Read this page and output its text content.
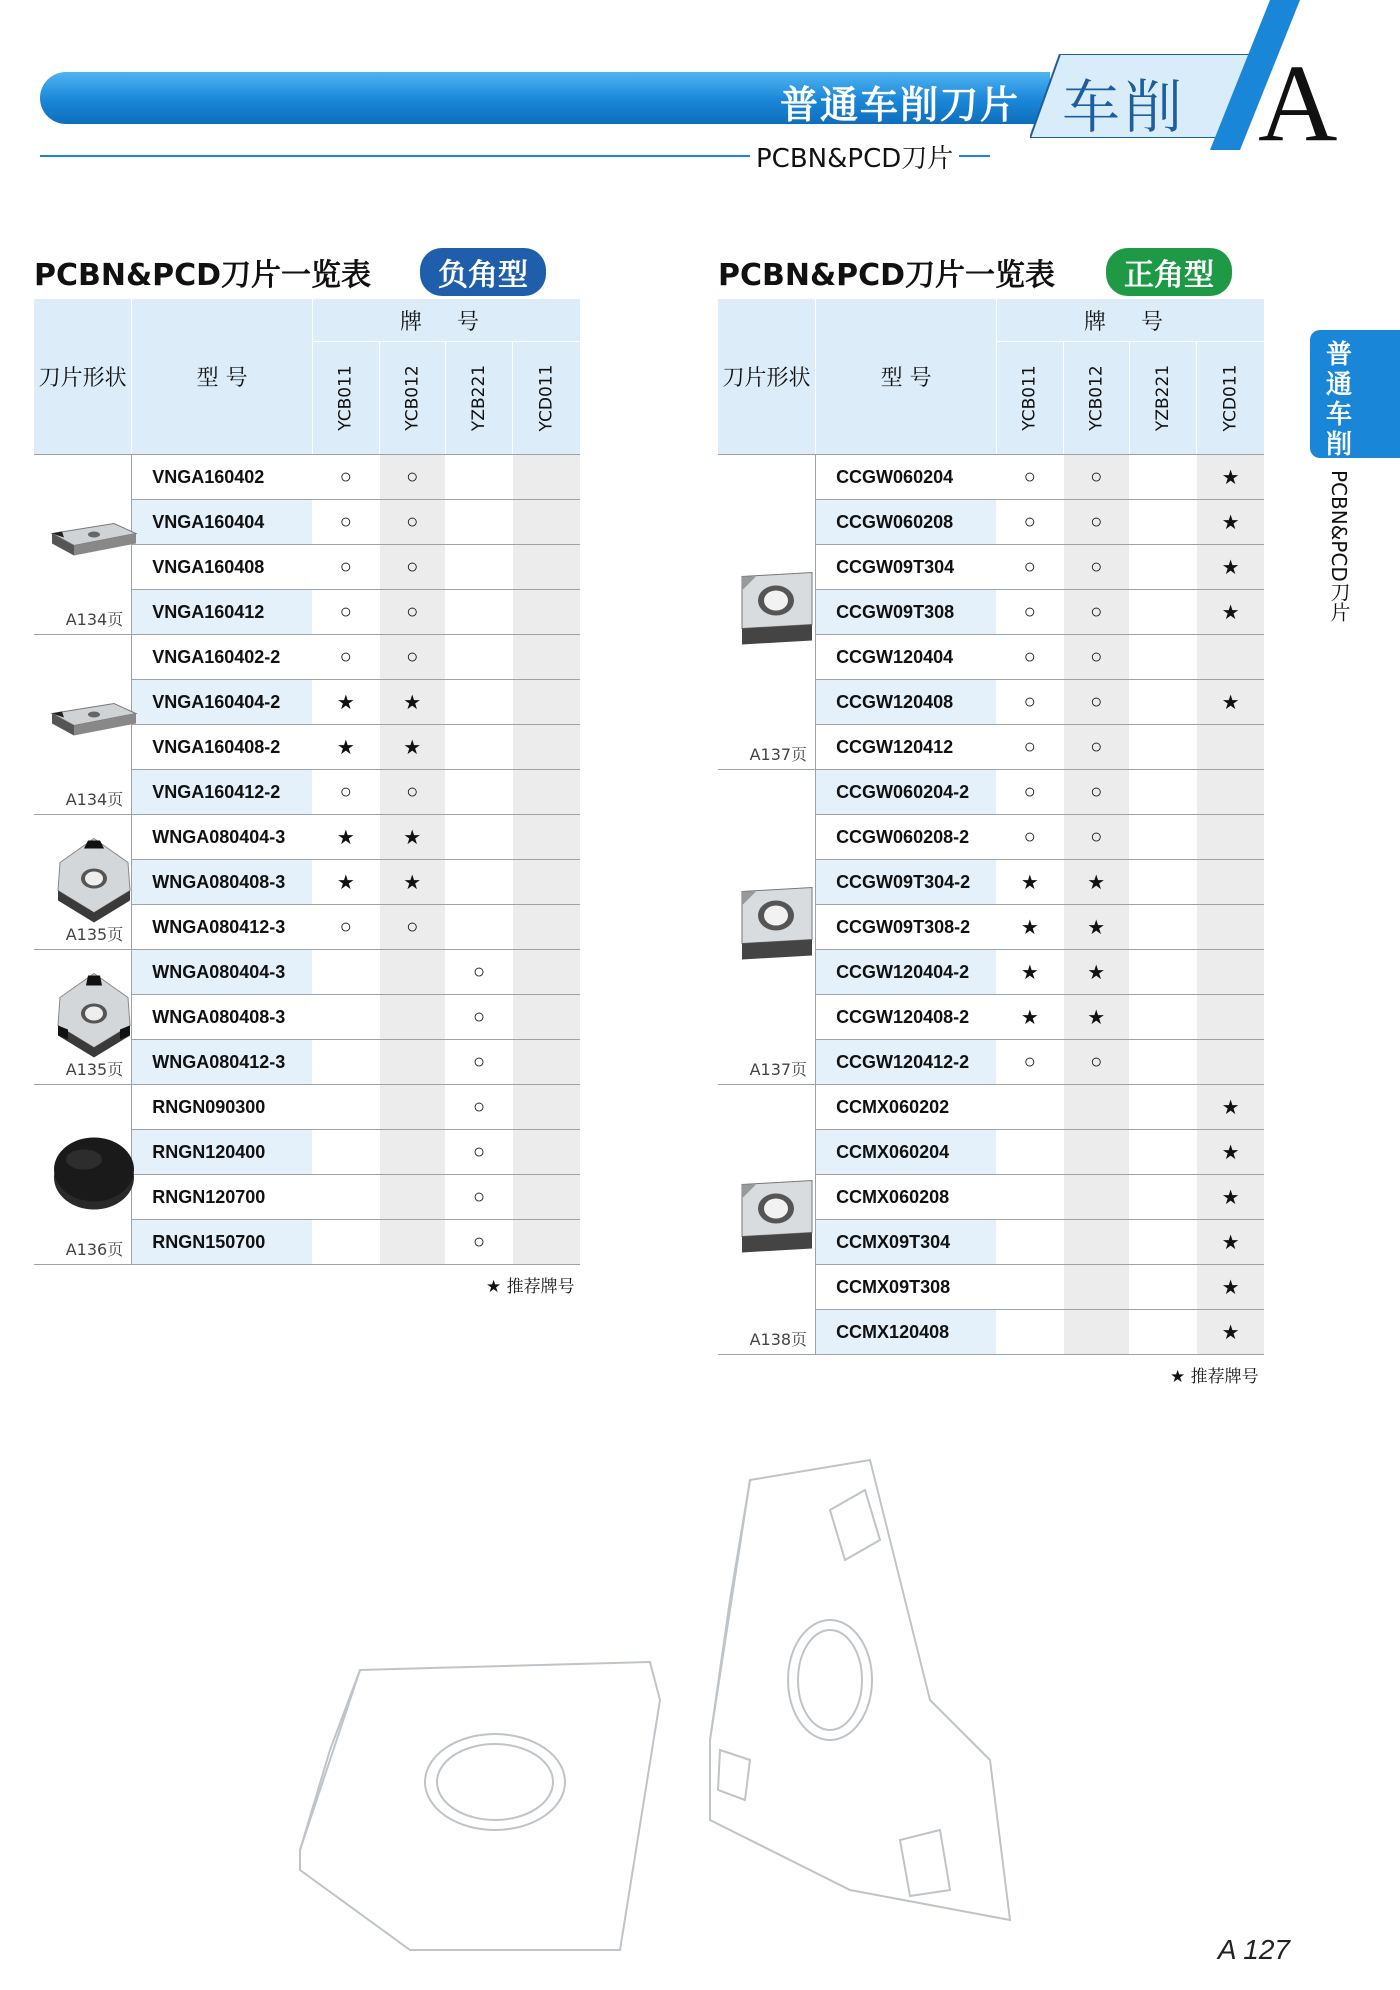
普通车削刀片 车削 A
PCBN&PCD刀片
普通车削
PCBN&PCD刀片
PCBN&PCD刀片一览表	负角型	PCBN&PCD刀片一览表	正角型
刀片形状	型 号	牌 号			
		YCB011	YCB012	YZB221	YCD011

A134页	VNGA160402	○	○		
	VNGA160404	○	○		
	VNGA160408	○	○		
	VNGA160412	○	○		

A134页	VNGA160402-2	○	○		
	VNGA160404-2	★	★		
	VNGA160408-2	★	★		
	VNGA160412-2	○	○		

A135页	WNGA080404-3	★	★		
	WNGA080408-3	★	★		
	WNGA080412-3	○	○		

A135页	WNGA080404-3			○	
	WNGA080408-3			○	
	WNGA080412-3			○	

A136页	RNGN090300			○	
	RNGN120400			○	
	RNGN120700			○	
	RNGN150700			○	
★ 推荐牌号
刀片形状	型 号	牌 号			
		YCB011	YCB012	YZB221	YCD011

A137页	CCGW060204	○	○		★
	CCGW060208	○	○		★
	CCGW09T304	○	○		★
	CCGW09T308	○	○		★
	CCGW120404	○	○		
	CCGW120408	○	○		★
	CCGW120412	○	○		

A137页	CCGW060204-2	○	○		
	CCGW060208-2	○	○		
	CCGW09T304-2	★	★		
	CCGW09T308-2	★	★		
	CCGW120404-2	★	★		
	CCGW120408-2	★	★		
	CCGW120412-2	○	○		

A138页	CCMX060202				★
	CCMX060204				★
	CCMX060208				★
	CCMX09T304				★
	CCMX09T308				★
	CCMX120408				★
★ 推荐牌号
A 127
